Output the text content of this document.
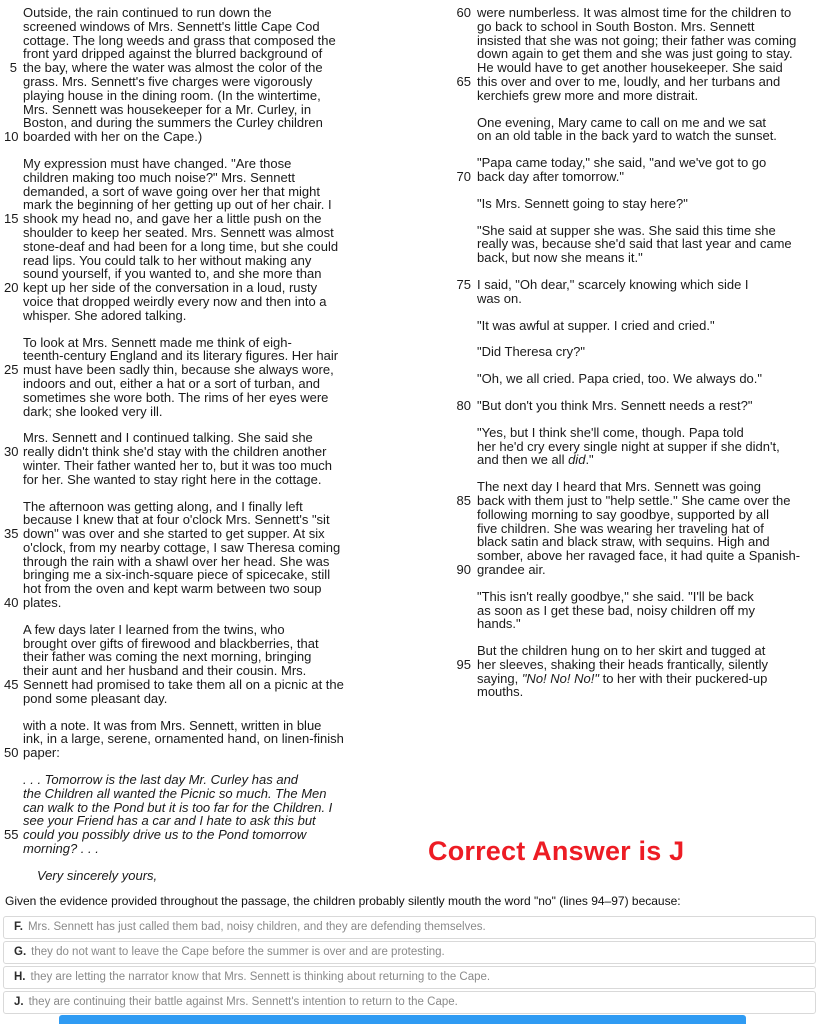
Outside, the rain continued to run down the
screened windows of Mrs. Sennett's little Cape Cod
cottage. The long weeds and grass that composed the
front yard dripped against the blurred background of
5 the bay, where the water was almost the color of the
grass. Mrs. Sennett's five charges were vigorously
playing house in the dining room. (In the wintertime,
Mrs. Sennett was housekeeper for a Mr. Curley, in
Boston, and during the summers the Curley children
10 boarded with her on the Cape.)
My expression must have changed. "Are those
children making too much noise?" Mrs. Sennett
demanded, a sort of wave going over her that might
mark the beginning of her getting up out of her chair. I
15 shook my head no, and gave her a little push on the
shoulder to keep her seated. Mrs. Sennett was almost
stone-deaf and had been for a long time, but she could
read lips. You could talk to her without making any
sound yourself, if you wanted to, and she more than
20 kept up her side of the conversation in a loud, rusty
voice that dropped weirdly every now and then into a
whisper. She adored talking.
To look at Mrs. Sennett made me think of eigh-
teenth-century England and its literary figures. Her hair
25 must have been sadly thin, because she always wore,
indoors and out, either a hat or a sort of turban, and
sometimes she wore both. The rims of her eyes were
dark; she looked very ill.
Mrs. Sennett and I continued talking. She said she
30 really didn't think she'd stay with the children another
winter. Their father wanted her to, but it was too much
for her. She wanted to stay right here in the cottage.
The afternoon was getting along, and I finally left
because I knew that at four o'clock Mrs. Sennett's "sit
35 down" was over and she started to get supper. At six
o'clock, from my nearby cottage, I saw Theresa coming
through the rain with a shawl over her head. She was
bringing me a six-inch-square piece of spicecake, still
hot from the oven and kept warm between two soup
40 plates.
A few days later I learned from the twins, who
brought over gifts of firewood and blackberries, that
their father was coming the next morning, bringing
their aunt and her husband and their cousin. Mrs.
45 Sennett had promised to take them all on a picnic at the
pond some pleasant day.
with a note. It was from Mrs. Sennett, written in blue
ink, in a large, serene, ornamented hand, on linen-finish
50 paper:
. . . Tomorrow is the last day Mr. Curley has and
the Children all wanted the Picnic so much. The Men
can walk to the Pond but it is too far for the Children. I
see your Friend has a car and I hate to ask this but
55 could you possibly drive us to the Pond tomorrow
morning? . . .
Very sincerely yours,
60 were numberless. It was almost time for the children to
go back to school in South Boston. Mrs. Sennett
insisted that she was not going; their father was coming
down again to get them and she was just going to stay.
He would have to get another housekeeper. She said
65 this over and over to me, loudly, and her turbans and
kerchiefs grew more and more distrait.
One evening, Mary came to call on me and we sat
on an old table in the back yard to watch the sunset.
"Papa came today," she said, "and we've got to go
70 back day after tomorrow."
"Is Mrs. Sennett going to stay here?"
"She said at supper she was. She said this time she
really was, because she'd said that last year and came
back, but now she means it."
75 I said, "Oh dear," scarcely knowing which side I
was on.
"It was awful at supper. I cried and cried."
"Did Theresa cry?"
"Oh, we all cried. Papa cried, too. We always do."
80 "But don't you think Mrs. Sennett needs a rest?"
"Yes, but I think she'll come, though. Papa told
her he'd cry every single night at supper if she didn't,
and then we all did."
The next day I heard that Mrs. Sennett was going
85 back with them just to "help settle." She came over the
following morning to say goodbye, supported by all
five children. She was wearing her traveling hat of
black satin and black straw, with sequins. High and
somber, above her ravaged face, it had quite a Spanish-
90 grandee air.
"This isn't really goodbye," she said. "I'll be back
as soon as I get these bad, noisy children off my
hands."
But the children hung on to her skirt and tugged at
95 her sleeves, shaking their heads frantically, silently
saying, "No! No! No!" to her with their puckered-up
mouths.
Correct Answer is J
Given the evidence provided throughout the passage, the children probably silently mouth the word "no" (lines 94–97) because:
F. Mrs. Sennett has just called them bad, noisy children, and they are defending themselves.
G. they do not want to leave the Cape before the summer is over and are protesting.
H. they are letting the narrator know that Mrs. Sennett is thinking about returning to the Cape.
J. they are continuing their battle against Mrs. Sennett's intention to return to the Cape.
